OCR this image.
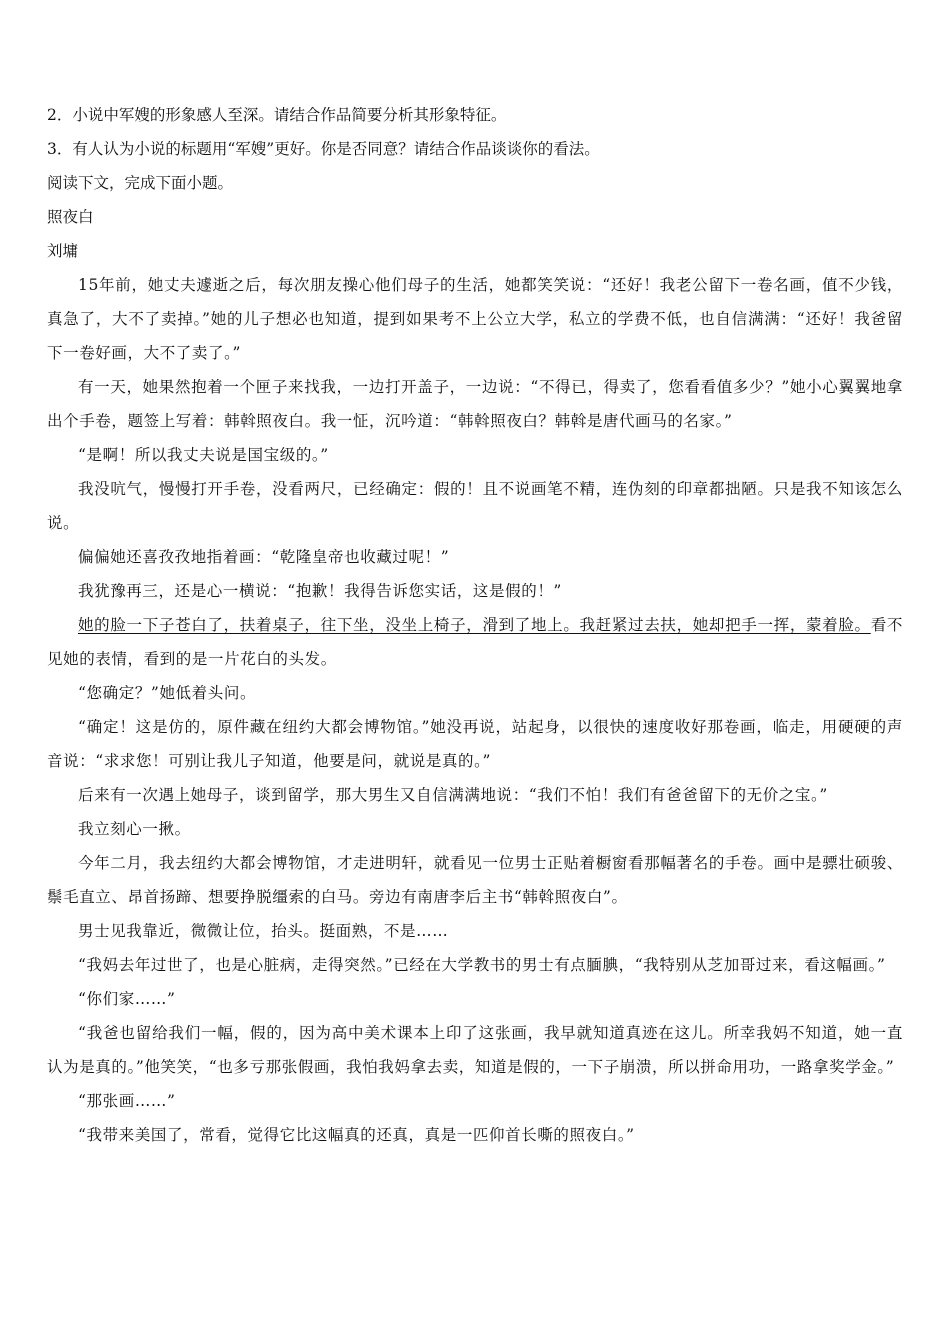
2．小说中军嫂的形象感人至深。请结合作品简要分析其形象特征。
3．有人认为小说的标题用“军嫂”更好。你是否同意？请结合作品谈谈你的看法。
阅读下文，完成下面小题。
照夜白
刘墉

15年前，她丈夫遽逝之后，每次朋友操心他们母子的生活，她都笑笑说：“还好！我老公留下一卷名画，值不少钱，真急了，大不了卖掉。”她的儿子想必也知道，提到如果考不上公立大学，私立的学费不低，也自信满满：“还好！我爸留下一卷好画，大不了卖了。”

有一天，她果然抱着一个匣子来找我，一边打开盖子，一边说：“不得已，得卖了，您看看值多少？”她小心翼翼地拿出个手卷，题签上写着：韩斡照夜白。我一怔，沉吟道：“韩斡照夜白？韩斡是唐代画马的名家。”

“是啊！所以我丈夫说是国宝级的。”

我没吭气，慢慢打开手卷，没看两尺，已经确定：假的！且不说画笔不精，连伪刻的印章都拙陋。只是我不知该怎么说。

偏偏她还喜孜孜地指着画：“乾隆皇帝也收藏过呢！”

我犹豫再三，还是心一横说：“抱歉！我得告诉您实话，这是假的！”

她的脸一下子苍白了，扶着桌子，往下坐，没坐上椅子，滑到了地上。我赶紧过去扶，她却把手一挥，蒙着脸。看不见她的表情，看到的是一片花白的头发。

“您确定？”她低着头问。

“确定！这是仿的，原件藏在纽约大都会博物馆。”她没再说，站起身，以很快的速度收好那卷画，临走，用硬硬的声音说：“求求您！可别让我儿子知道，他要是问，就说是真的。”

后来有一次遇上她母子，谈到留学，那大男生又自信满满地说：“我们不怕！我们有爸爸留下的无价之宝。”

我立刻心一揪。

今年二月，我去纽约大都会博物馆，才走进明轩，就看见一位男士正贴着橱窗看那幅著名的手卷。画中是骠壮硕骏、鬃毛直立、昂首扬蹄、想要挣脱缰索的白马。旁边有南唐李后主书“韩斡照夜白”。

男士见我靠近，微微让位，抬头。挺面熟，不是……

“我妈去年过世了，也是心脏病，走得突然。”已经在大学教书的男士有点腼腆，“我特别从芝加哥过来，看这幅画。”

“你们家……”

“我爸也留给我们一幅，假的，因为高中美术课本上印了这张画，我早就知道真迹在这儿。所幸我妈不知道，她一直认为是真的。”他笑笑，“也多亏那张假画，我怕我妈拿去卖，知道是假的，一下子崩溃，所以拼命用功，一路拿奖学金。”

“那张画……”

“我带来美国了，常看，觉得它比这幅真的还真，真是一匹仰首长嘶的照夜白。”
